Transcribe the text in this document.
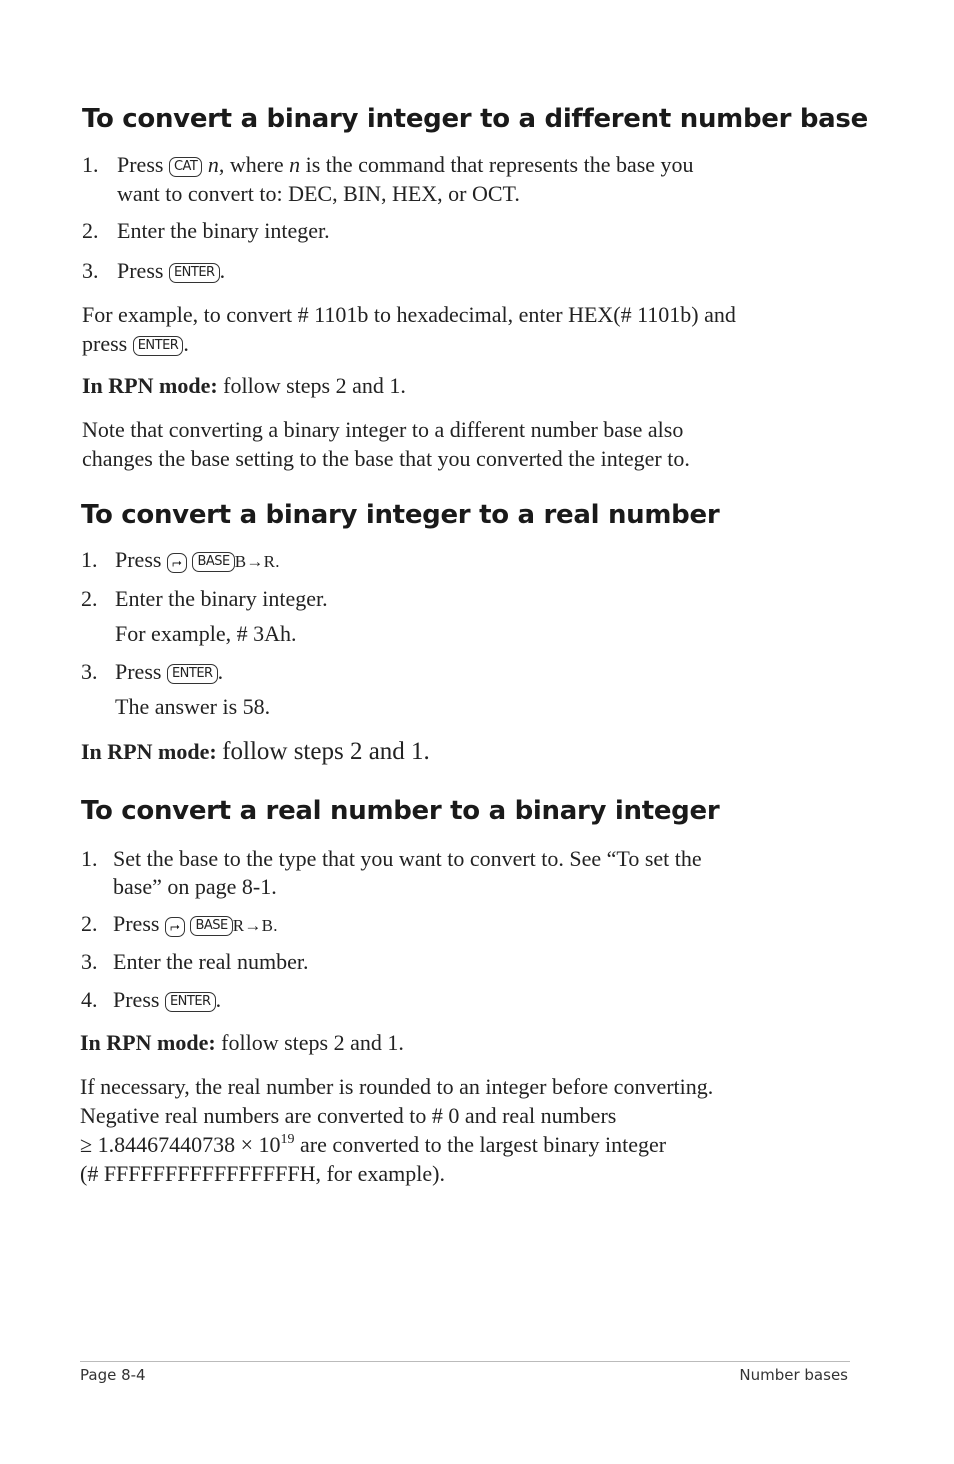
To convert a binary integer to a different number base
1. Press CAT n, where n is the command that represents the base you

want to convert to: DEC, BIN, HEX, or OCT.

2. Enter the binary integer.

3. Press ENTER .

For example, to convert # 1101b to hexadecimal, enter HEX(# 1101b) and

press ENTER .

In RPN mode: follow steps 2 and 1.

Note that converting a binary integer to a different number base also

changes the base setting to the base that you converted the integer to.

To convert a binary integer to a real number
1. Press ⮣ BASE B→R.

2. Enter the binary integer.

For example, # 3Ah.

3. Press ENTER .

The answer is 58.

In RPN mode: follow steps 2 and 1.

To convert a real number to a binary integer
1. Set the base to the type that you want to convert to. See “To set the

base” on page 8-1.

2. Press ⮣ BASE R→B.

3. Enter the real number.

4. Press ENTER .

In RPN mode: follow steps 2 and 1.

If necessary, the real number is rounded to an integer before converting.

Negative real numbers are converted to # 0 and real numbers

≥ $1.84467440738 \times 10^{19}$ are converted to the largest binary integer

(# FFFFFFFFFFFFFFFFH, for example).

Page 8-4	Number bases
